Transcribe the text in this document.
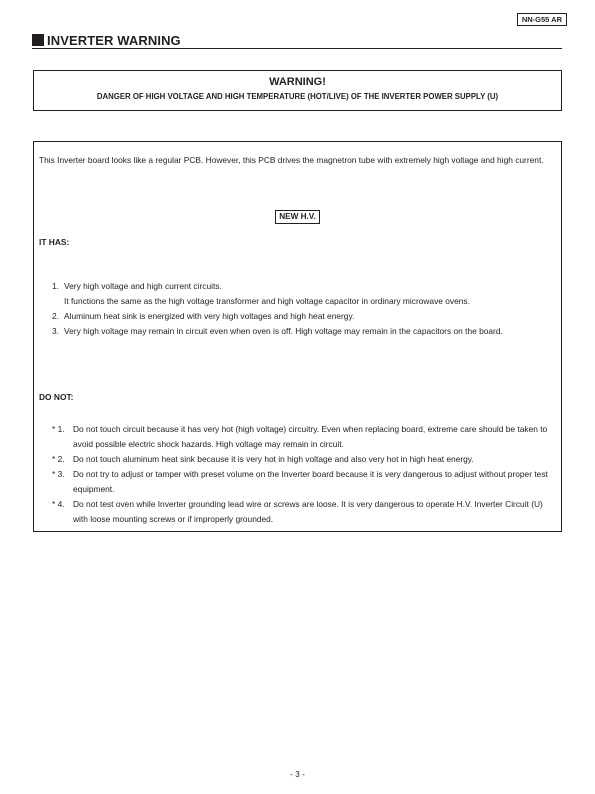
NN-G55 AR
INVERTER WARNING
WARNING!
DANGER OF HIGH VOLTAGE AND HIGH TEMPERATURE (HOT/LIVE) OF THE INVERTER POWER SUPPLY (U)
This Inverter board looks like a regular PCB. However, this PCB drives the magnetron tube with extremely high voltage and high current.
NEW H.V.
IT HAS:
1. Very high voltage and high current circuits.
It functions the same as the high voltage transformer and high voltage capacitor in ordinary microwave ovens.
2. Aluminum heat sink is energized with very high voltages and high heat energy.
3. Very high voltage may remain in circuit even when oven is off. High voltage may remain in the capacitors on the board.
DO NOT:
* 1.	Do not touch circuit because it has very hot (high voltage) circuitry. Even when replacing board, extreme care should be taken to avoid possible electric shock hazards. High voltage may remain in circuit.
* 2.	Do not touch aluminum heat sink because it is very hot in high voltage and also very hot in high heat energy.
* 3.	Do not try to adjust or tamper with preset volume on the Inverter board because it is very dangerous to adjust without proper test equipment.
* 4.	Do not test oven while Inverter grounding lead wire or screws are loose. It is very dangerous to operate H.V. Inverter Circuit (U) with loose mounting screws or if improperly grounded.
- 3 -
